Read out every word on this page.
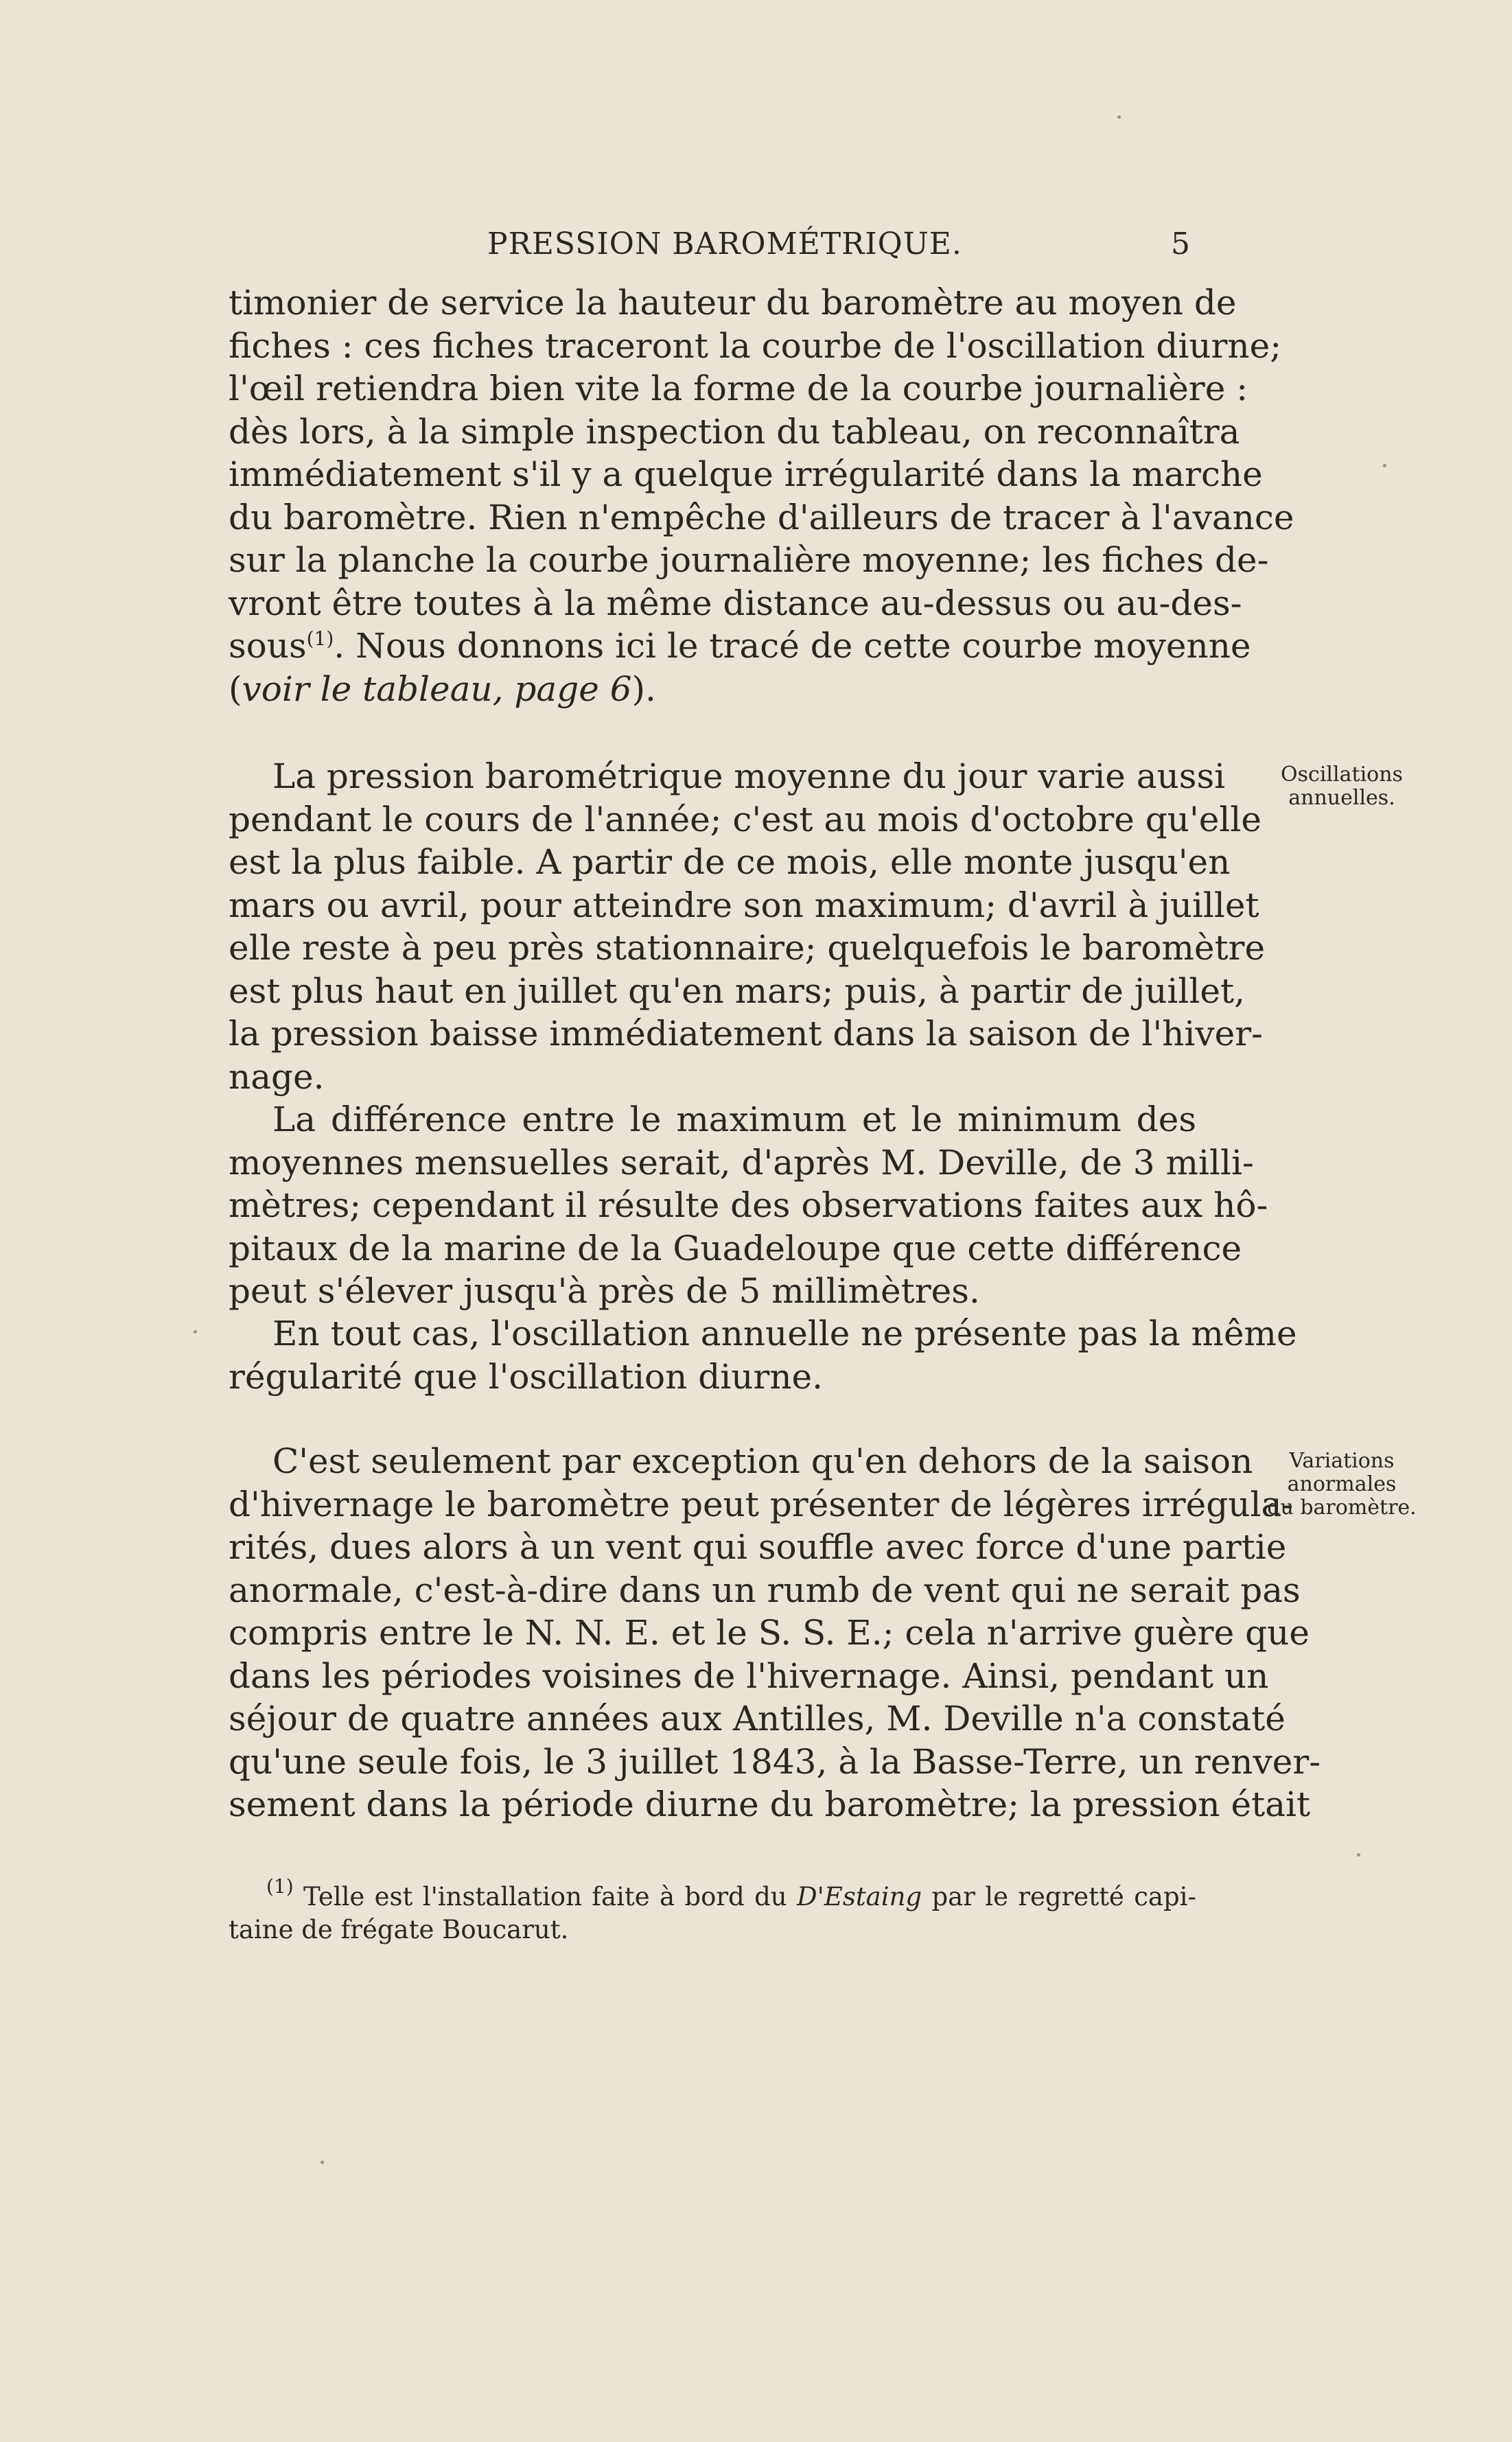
PRESSION BAROMÉTRIQUE.	5
timonier de service la hauteur du baromètre au moyen de
fiches : ces fiches traceront la courbe de l'oscillation diurne;
l'œil retiendra bien vite la forme de la courbe journalière :
dès lors, à la simple inspection du tableau, on reconnaîtra
immédiatement s'il y a quelque irrégularité dans la marche
du baromètre. Rien n'empêche d'ailleurs de tracer à l'avance
sur la planche la courbe journalière moyenne; les fiches de-
vront être toutes à la même distance au-dessus ou au-des-
sous$^{(1)}$. Nous donnons ici le tracé de cette courbe moyenne
(voir le tableau, page 6).
Oscillations
annuelles.
La pression barométrique moyenne du jour varie aussi
pendant le cours de l'année; c'est au mois d'octobre qu'elle
est la plus faible. A partir de ce mois, elle monte jusqu'en
mars ou avril, pour atteindre son maximum; d'avril à juillet
elle reste à peu près stationnaire; quelquefois le baromètre
est plus haut en juillet qu'en mars; puis, à partir de juillet,
la pression baisse immédiatement dans la saison de l'hiver-
nage.
La différence entre le maximum et le minimum des
moyennes mensuelles serait, d'après M. Deville, de 3 milli-
mètres; cependant il résulte des observations faites aux hô-
pitaux de la marine de la Guadeloupe que cette différence
peut s'élever jusqu'à près de 5 millimètres.
En tout cas, l'oscillation annuelle ne présente pas la même
régularité que l'oscillation diurne.
Variations
anormales
du baromètre.
C'est seulement par exception qu'en dehors de la saison
d'hivernage le baromètre peut présenter de légères irrégula-
rités, dues alors à un vent qui souffle avec force d'une partie
anormale, c'est-à-dire dans un rumb de vent qui ne serait pas
compris entre le N. N. E. et le S. S. E.; cela n'arrive guère que
dans les périodes voisines de l'hivernage. Ainsi, pendant un
séjour de quatre années aux Antilles, M. Deville n'a constaté
qu'une seule fois, le 3 juillet 1843, à la Basse-Terre, un renver-
sement dans la période diurne du baromètre; la pression était
$^{(1)}$ Telle est l'installation faite à bord du D'Estaing par le regretté capi-
taine de frégate Boucarut.
